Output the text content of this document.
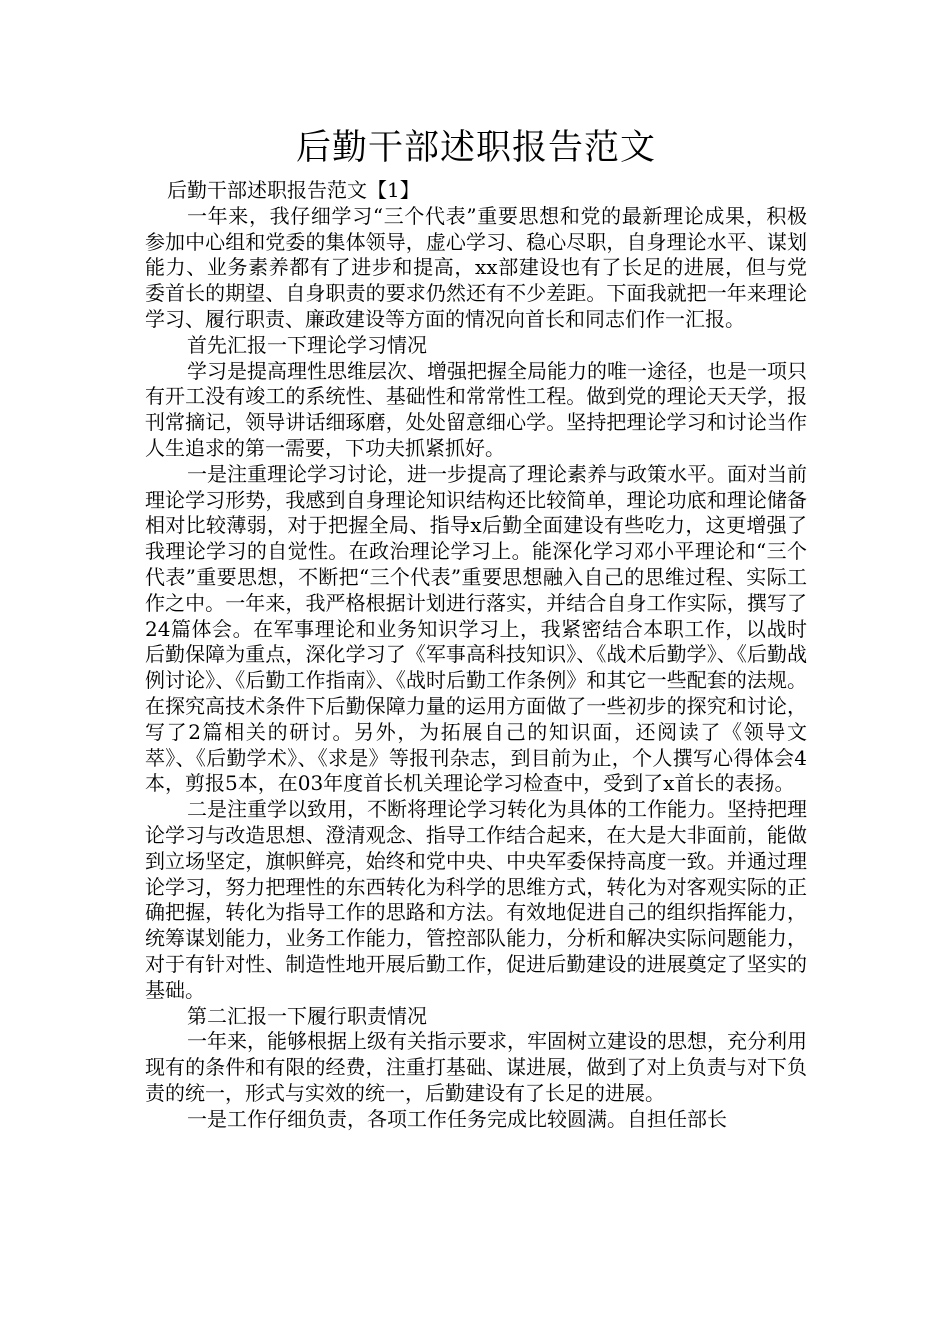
后勤干部述职报告范文

后勤干部述职报告范文【1】

一年来，我仔细学习“三个代表”重要思想和党的最新理论成果，积极参加中心组和党委的集体领导，虚心学习、稳心尽职，自身理论水平、谋划能力、业务素养都有了进步和提高，xx部建设也有了长足的进展，但与党委首长的期望、自身职责的要求仍然还有不少差距。下面我就把一年来理论学习、履行职责、廉政建设等方面的情况向首长和同志们作一汇报。

首先汇报一下理论学习情况

学习是提高理性思维层次、增强把握全局能力的唯一途径，也是一项只有开工没有竣工的系统性、基础性和常常性工程。做到党的理论天天学，报刊常摘记，领导讲话细琢磨，处处留意细心学。坚持把理论学习和讨论当作人生追求的第一需要，下功夫抓紧抓好。

一是注重理论学习讨论，进一步提高了理论素养与政策水平。面对当前理论学习形势，我感到自身理论知识结构还比较简单，理论功底和理论储备相对比较薄弱，对于把握全局、指导x后勤全面建设有些吃力，这更增强了我理论学习的自觉性。在政治理论学习上。能深化学习邓小平理论和“三个代表”重要思想，不断把“三个代表”重要思想融入自己的思维过程、实际工作之中。一年来，我严格根据计划进行落实，并结合自身工作实际，撰写了24篇体会。在军事理论和业务知识学习上，我紧密结合本职工作，以战时后勤保障为重点，深化学习了《军事高科技知识》、《战术后勤学》、《后勤战例讨论》、《后勤工作指南》、《战时后勤工作条例》和其它一些配套的法规。在探究高技术条件下后勤保障力量的运用方面做了一些初步的探究和讨论，写了2篇相关的研讨。另外，为拓展自己的知识面，还阅读了《领导文萃》、《后勤学术》、《求是》等报刊杂志，到目前为止，个人撰写心得体会4本，剪报5本，在03年度首长机关理论学习检查中，受到了x首长的表扬。

二是注重学以致用，不断将理论学习转化为具体的工作能力。坚持把理论学习与改造思想、澄清观念、指导工作结合起来，在大是大非面前，能做到立场坚定，旗帜鲜亮，始终和党中央、中央军委保持高度一致。并通过理论学习，努力把理性的东西转化为科学的思维方式，转化为对客观实际的正确把握，转化为指导工作的思路和方法。有效地促进自己的组织指挥能力，统筹谋划能力，业务工作能力，管控部队能力，分析和解决实际问题能力，对于有针对性、制造性地开展后勤工作，促进后勤建设的进展奠定了坚实的基础。

第二汇报一下履行职责情况

一年来，能够根据上级有关指示要求，牢固树立建设的思想，充分利用现有的条件和有限的经费，注重打基础、谋进展，做到了对上负责与对下负责的统一，形式与实效的统一，后勤建设有了长足的进展。

一是工作仔细负责，各项工作任务完成比较圆满。自担任部长
